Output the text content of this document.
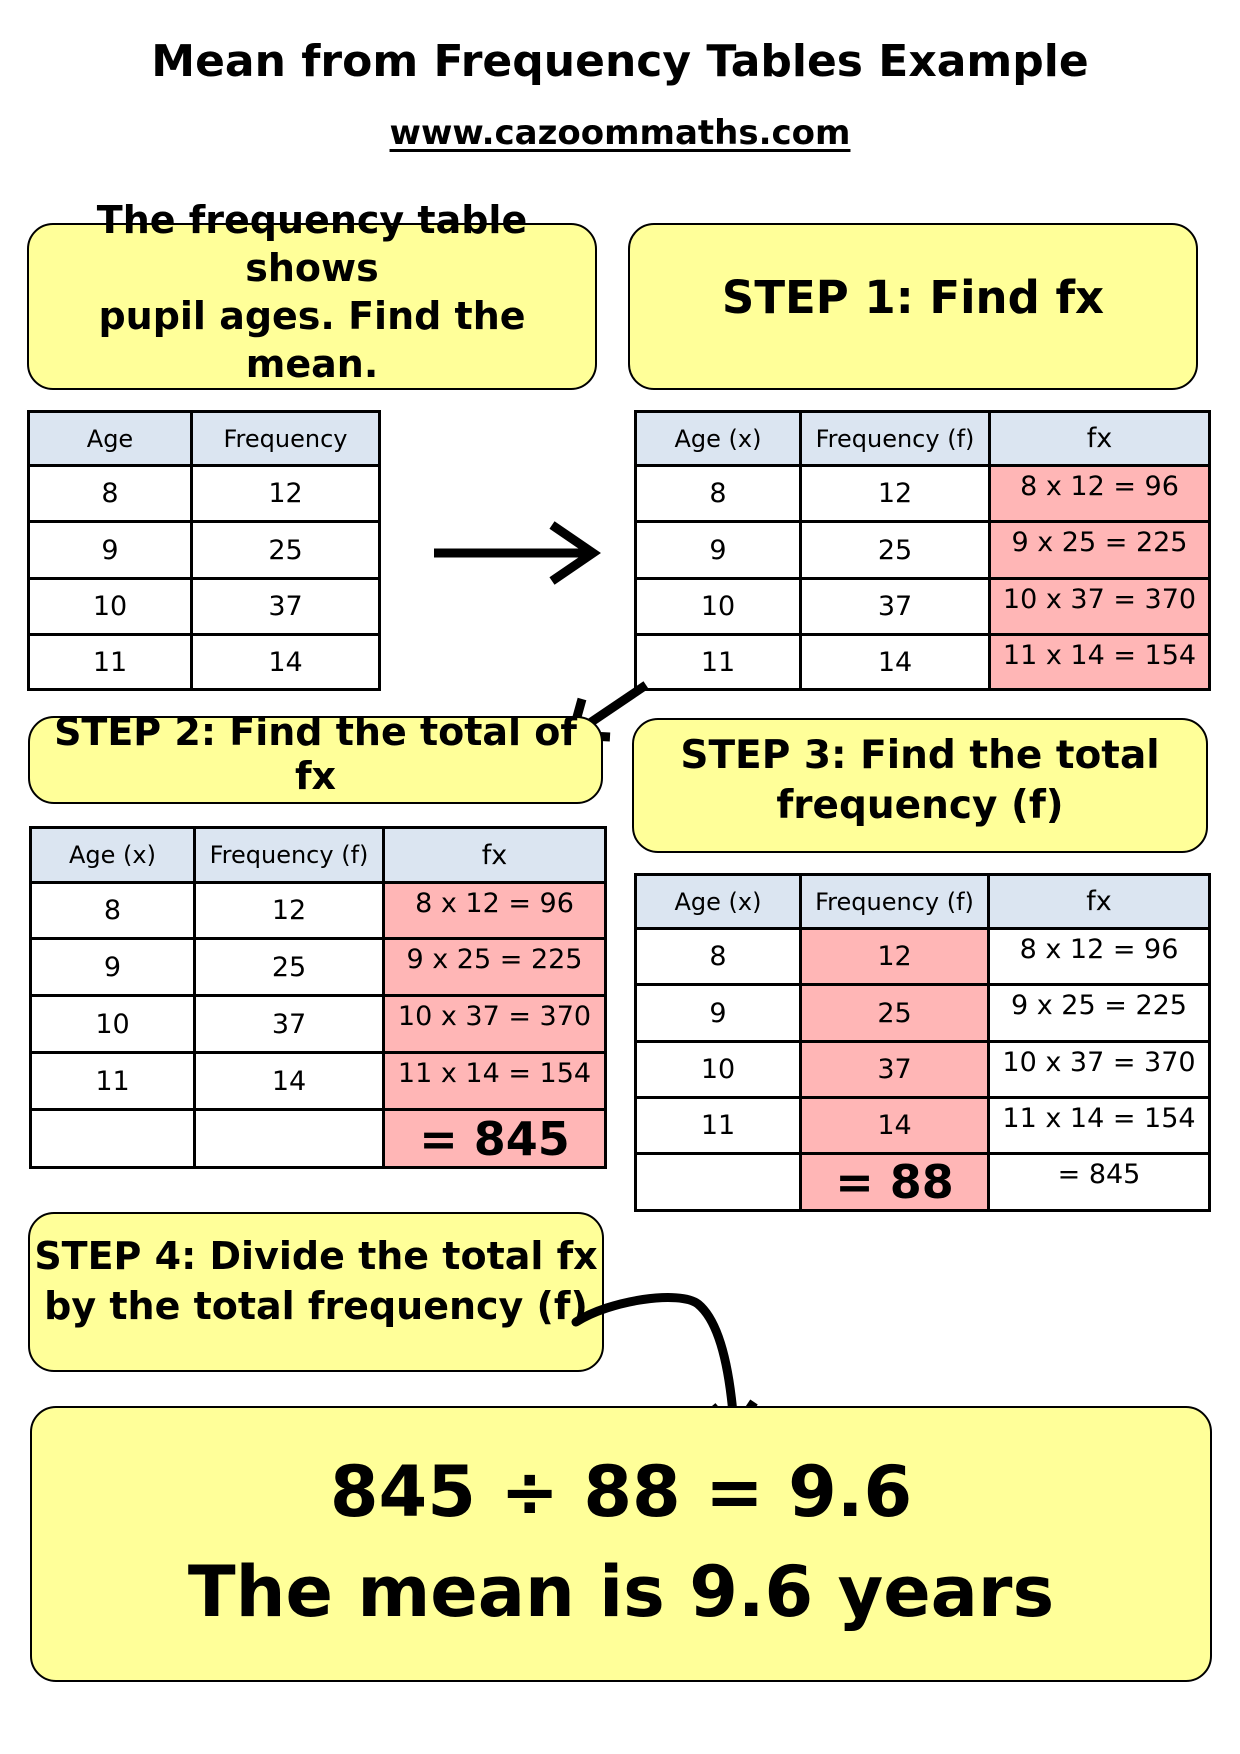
Mean from Frequency Tables Example
www.cazoommaths.com
The frequency table shows
pupil ages. Find the mean.
STEP 1: Find fx
Age	Frequency
8	12
9	25
10	37
11	14
Age (x)	Frequency (f)	fx
8	12	8 x 12 = 96
9	25	9 x 25 = 225
10	37	10 x 37 = 370
11	14	11 x 14 = 154
STEP 2: Find the total of fx	STEP 3: Find the total
frequency (f)
Age (x)	Frequency (f)	fx
8	12	8 x 12 = 96
9	25	9 x 25 = 225
10	37	10 x 37 = 370
11	14	11 x 14 = 154
		= 845
Age (x)	Frequency (f)	fx
8	12	8 x 12 = 96
9	25	9 x 25 = 225
10	37	10 x 37 = 370
11	14	11 x 14 = 154
	= 88	= 845
STEP 4: Divide the total fx
by the total frequency (f)
845 ÷ 88 = 9.6
The mean is 9.6 years
